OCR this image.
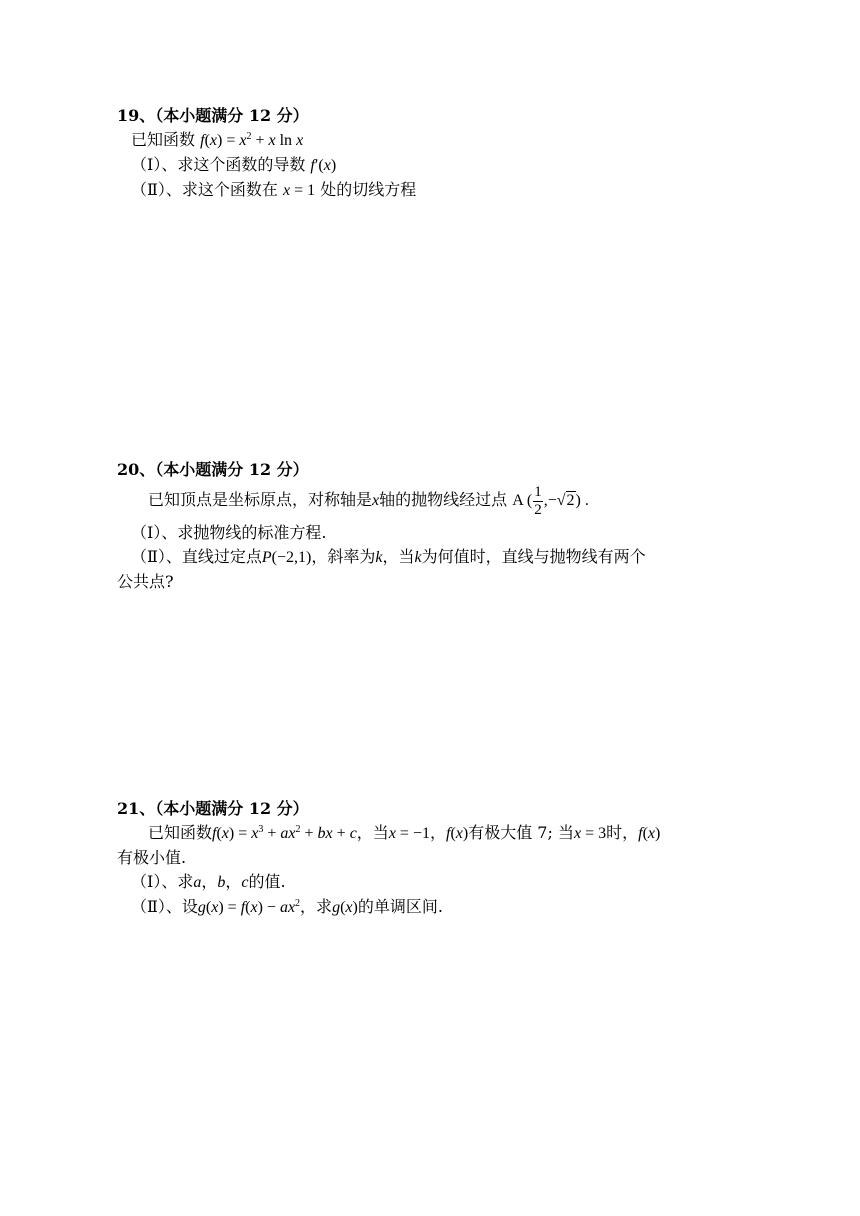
19、（本小题满分 12 分）
已知函数 $f(x) = x^2 + x$ ln x
（Ⅰ）、求这个函数的导数 f′(x)
（Ⅱ）、求这个函数在 x = 1 处的切线方程
20、（本小题满分 12 分）
已知顶点是坐标原点，对称轴是x轴的抛物线经过点 A ( $\frac{1}{2} ,-√2$) .
（Ⅰ）、求抛物线的标准方程.
（Ⅱ）、直线过定点P(−2,1)，斜率为k，当k为何值时，直线与抛物线有两个
公共点?
21、（本小题满分 12 分）
已知函数$f(x) = x^3 + ax^2$ + bx + c，当x = −1，f(x)有极大值 7; 当x = 3时，f(x)
有极小值.
（Ⅰ）、求a，b，c的值.
（Ⅱ）、设$g(x) = f(x) - ax^2$，求g(x)的单调区间.
